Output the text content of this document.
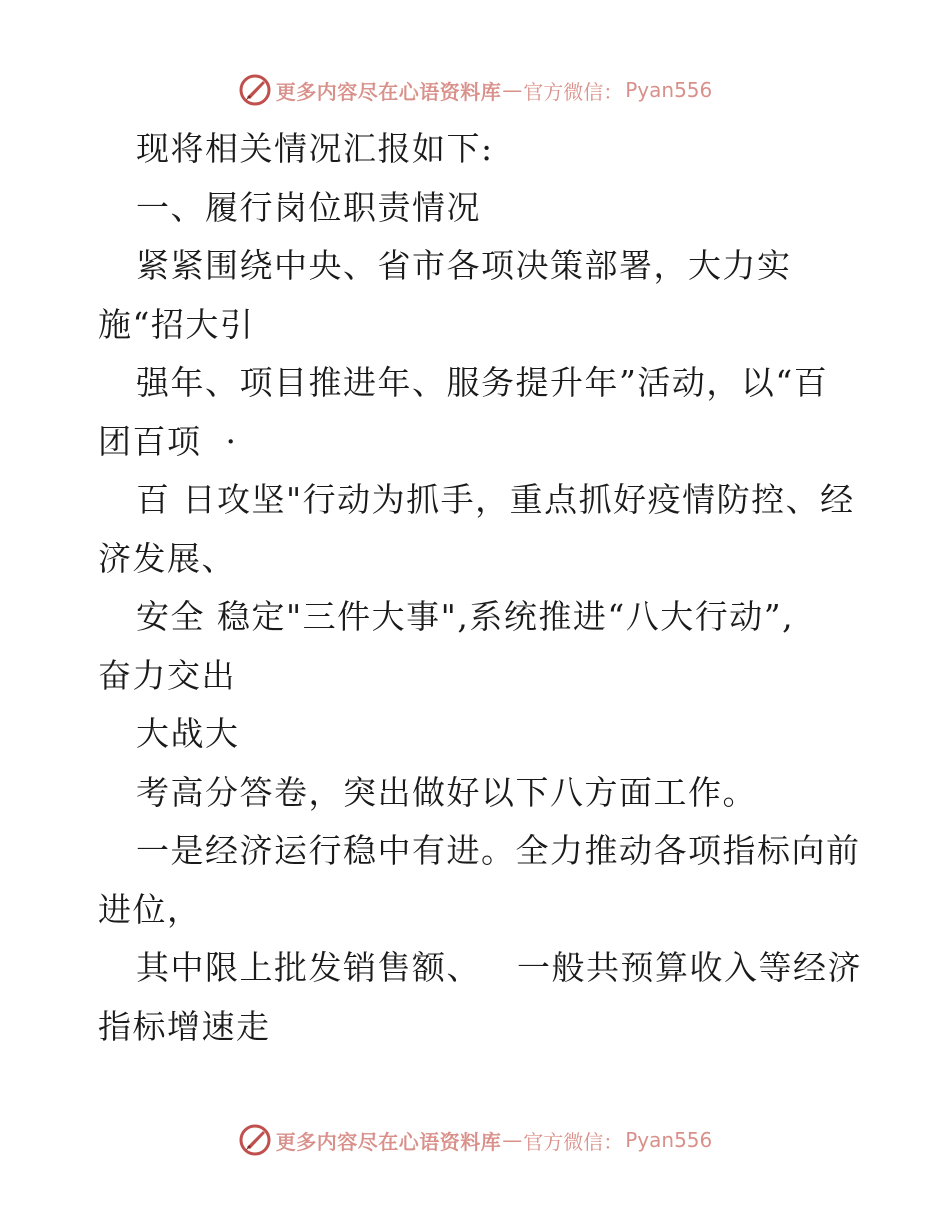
更多内容尽在心语资料库 — 官方微信： Pyan556
现将相关情况汇报如下:
一、履行岗位职责情况
紧紧围绕中央、省市各项决策部署，大力实
施“招大引
强年、项目推进年、服务提升年”活动，以“百
团百项  ·
百 日攻坚"行动为抓手，重点抓好疫情防控、经
济发展、
安全 稳定"三件大事",系统推进“八大行动”,
奋力交出
大战大
考高分答卷，突出做好以下八方面工作。
一是经济运行稳中有进。全力推动各项指标向前
进位，
其中限上批发销售额、   一般共预算收入等经济
指标增速走
更多内容尽在心语资料库 — 官方微信： Pyan556
